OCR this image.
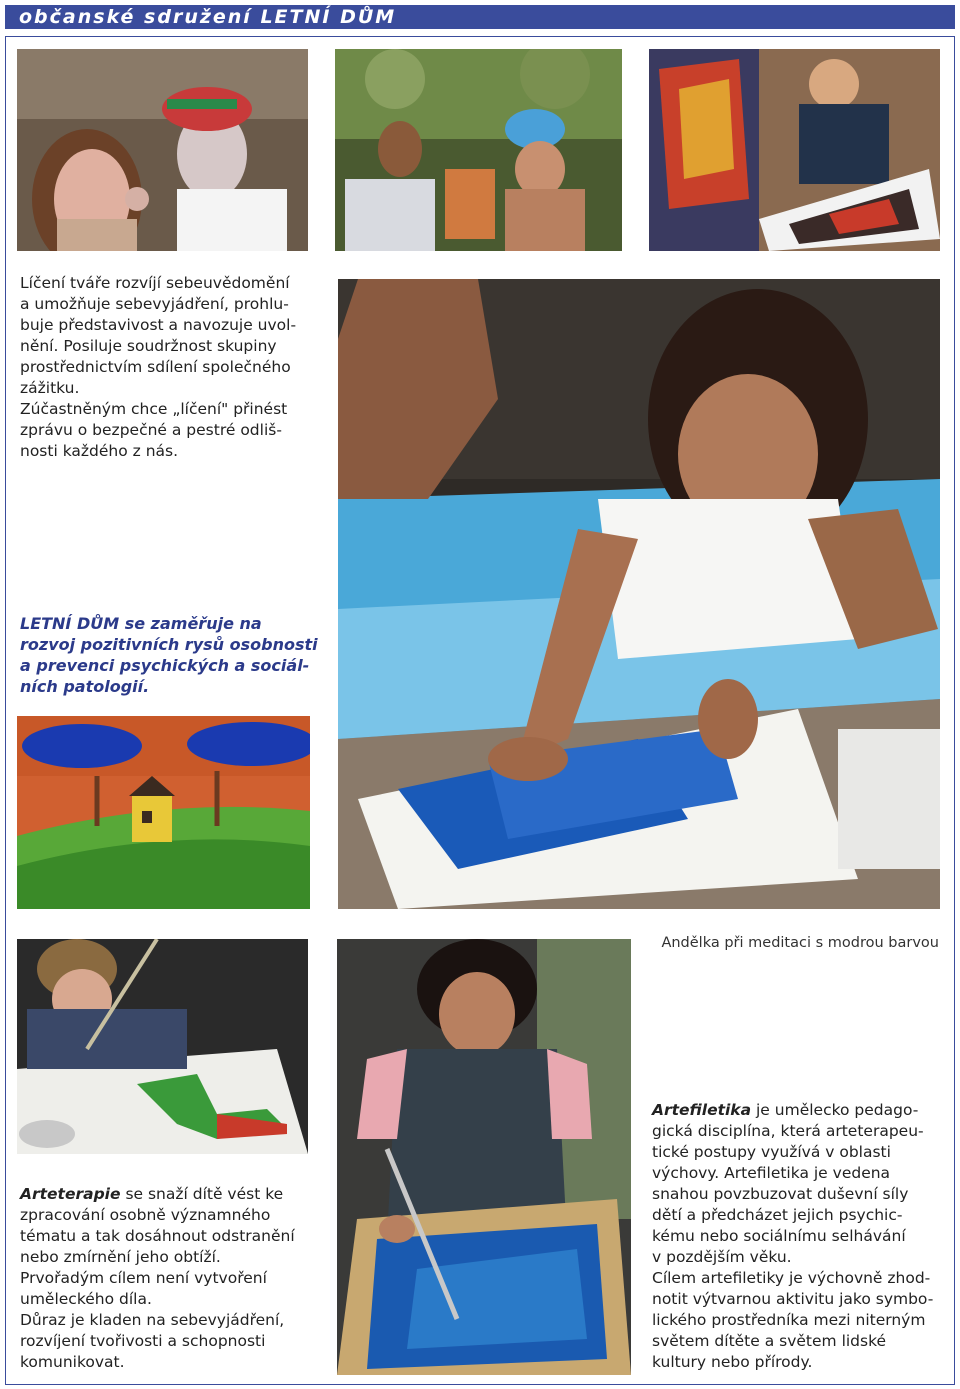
občanské sdružení LETNÍ DŮM

Líčení tváře rozvíjí sebeuvědomění

a umožňuje sebevyjádření, prohlu-

buje představivost a navozuje uvol-

nění. Posiluje soudržnost skupiny

prostřednictvím sdílení společného

zážitku.

Zúčastněným chce „líčení" přinést

zprávu o bezpečné a pestré odliš-

nosti každého z nás.

LETNÍ DŮM se zaměřuje na

rozvoj pozitivních rysů osobnosti

a prevenci psychických a sociál-

ních patologií.

Andělka při meditaci s modrou barvou

Arteterapie se snaží dítě vést ke

zpracování osobně významného

tématu a tak dosáhnout odstranění

nebo zmírnění jeho obtíží.

Prvořadým cílem není vytvoření

uměleckého díla.

Důraz je kladen na sebevyjádření,

rozvíjení tvořivosti a schopnosti

komunikovat.

Artefiletika je umělecko pedago-

gická disciplína, která arteterapeu-

tické postupy využívá v oblasti

výchovy. Artefiletika je vedena

snahou povzbuzovat duševní síly

dětí a předcházet jejich psychic-

kému nebo sociálnímu selhávání

v pozdějším věku.

Cílem artefiletiky je výchovně zhod-

notit výtvarnou aktivitu jako symbo-

lického prostředníka mezi niterným

světem dítěte a světem lidské

kultury nebo přírody.
